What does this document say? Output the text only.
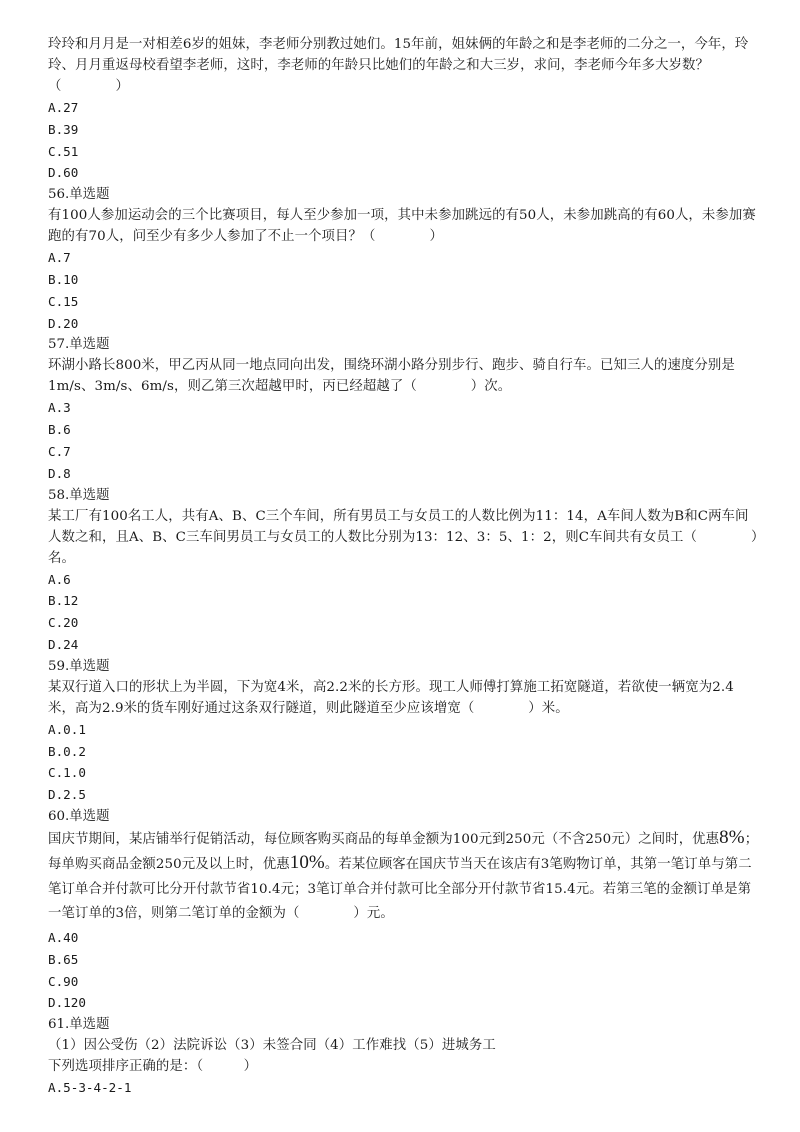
玲玲和月月是一对相差6岁的姐妹，李老师分别教过她们。15年前，姐妹俩的年龄之和是李老师的二分之一，今年，玲玲、月月重返母校看望李老师，这时，李老师的年龄只比她们的年龄之和大三岁，求问，李老师今年多大岁数？（　　　　）

A.27

B.39

C.51

D.60

56.单选题

有100人参加运动会的三个比赛项目，每人至少参加一项，其中未参加跳远的有50人，未参加跳高的有60人，未参加赛跑的有70人，问至少有多少人参加了不止一个项目？（　　　　）

A.7

B.10

C.15

D.20

57.单选题

环湖小路长800米，甲乙丙从同一地点同向出发，围绕环湖小路分别步行、跑步、骑自行车。已知三人的速度分别是1m/s、3m/s、6m/s，则乙第三次超越甲时，丙已经超越了（　　　　）次。

A.3

B.6

C.7

D.8

58.单选题

某工厂有100名工人，共有A、B、C三个车间，所有男员工与女员工的人数比例为11：14，A车间人数为B和C两车间人数之和，且A、B、C三车间男员工与女员工的人数比分别为13：12、3：5、1：2，则C车间共有女员工（　　　　）名。

A.6

B.12

C.20

D.24

59.单选题

某双行道入口的形状上为半圆，下为宽4米，高2.2米的长方形。现工人师傅打算施工拓宽隧道，若欲使一辆宽为2.4米，高为2.9米的货车刚好通过这条双行隧道，则此隧道至少应该增宽（　　　　）米。

A.0.1

B.0.2

C.1.0

D.2.5

60.单选题

国庆节期间，某店铺举行促销活动，每位顾客购买商品的每单金额为100元到250元（不含250元）之间时，优惠8%；每单购买商品金额250元及以上时，优惠10%。若某位顾客在国庆节当天在该店有3笔购物订单，其第一笔订单与第二笔订单合并付款可比分开付款节省10.4元；3笔订单合并付款可比全部分开付款节省15.4元。若第三笔的金额订单是第一笔订单的3倍，则第二笔订单的金额为（　　　　）元。

A.40

B.65

C.90

D.120

61.单选题

（1）因公受伤（2）法院诉讼（3）未签合同（4）工作难找（5）进城务工

下列选项排序正确的是：（　　　）

A.5-3-4-2-1
